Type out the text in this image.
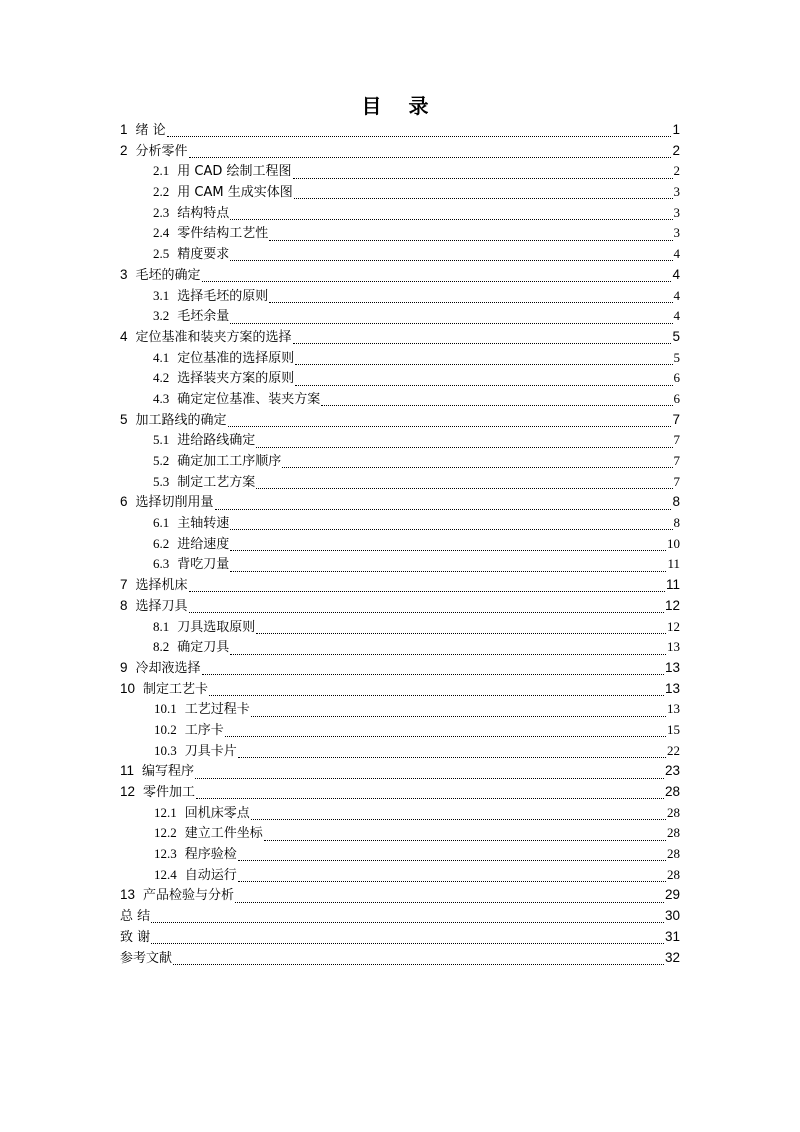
目 录
1 绪 论	1
2 分析零件	2
2.1 用 CAD 绘制工程图	2
2.2 用 CAM 生成实体图	3
2.3 结构特点	3
2.4 零件结构工艺性	3
2.5 精度要求	4
3 毛坯的确定	4
3.1 选择毛坯的原则	4
3.2 毛坯余量	4
4 定位基准和装夹方案的选择	5
4.1 定位基准的选择原则	5
4.2 选择装夹方案的原则	6
4.3 确定定位基准、装夹方案	6
5 加工路线的确定	7
5.1 进给路线确定	7
5.2 确定加工工序顺序	7
5.3 制定工艺方案	7
6 选择切削用量	8
6.1 主轴转速	8
6.2 进给速度	10
6.3 背吃刀量	11
7 选择机床	11
8 选择刀具	12
8.1 刀具选取原则	12
8.2 确定刀具	13
9 冷却液选择	13
10 制定工艺卡	13
10.1 工艺过程卡	13
10.2 工序卡	15
10.3 刀具卡片	22
11 编写程序	23
12 零件加工	28
12.1 回机床零点	28
12.2 建立工件坐标	28
12.3 程序验检	28
12.4 自动运行	28
13 产品检验与分析	29
总 结	30
致 谢	31
参考文献	32
